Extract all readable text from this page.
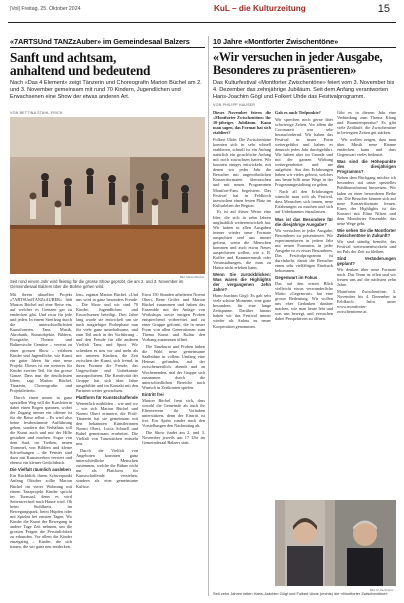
|Vol| Freitag, 25. Oktober 2024	KuL – die Kulturzeitung	15
«7ARTSUnd TANZzAuber» im Gemeindesaal Balzers
Sanft und achtsam,
anhaltend und bedeutend
Nach «Das 4 Element» zeigt Tänzerin und Choreografin Marion Büchel am 2. und 3. November gemeinsam mit rund 70 Kindern, Jugendlichen und Erwachsenen eine Show der etwas anderen Art.
VON BETTINA STAHL-FRICK
Bild: Marion Büchel
Seit rund einem Jahr wird fleissig für die grosse Show geprobt, die am 2. und 3. November im Gemeindesaal Balzers über die Bühne gehen wird.

Mit ihrem aktuellen Projekt «7ARTSUndTANZzAUBER» lädt Marion Büchel auf eine Reise ein, auf welcher es Grenzen gar zu entdecken gibt. Und zwar für jede und jeden. In einem Streifzug durch die unterschiedlichsten Kunstformen, Tanz, Musik, Akrobatik, Kunstobjekte, Bildern, Fotografie, Theater und Balinesische Gemüse – vereint zu einer grossen Show – erfahren Kinder und Jugendliche, wie Kunst ein guter Ideen für eine neue Projekt. Dieses ist ein weiteres für Kinder zweiter Teil, für das grosse Ganze. Dass nun die deutlichsten Ideen, sagt Marion Büchel, Tänzerin, Choreografin und Projektleiterin.

Durch einen neuen in ganz speziellen Weg will die Kursleiterin dabei einen Bogen spannen, wobei der Zugang immer ein offener ist für die Reise selbst – Es wird also keine festbestimmte Aufführung geben, sondern das Verhältnis soll die Kunst auch und mit der Hilfe gestalten und machen. Sogar von dem Saal, im Treiben, neuen Trommel, von Bildern und kleine Schwebungen – die Fenster sind dazu mit Kunstwerken verziert und ebenso ein kleiner Gedichtbuch.

Die Vielfalt räumlich ausleben

Ein Rückblick ihrem Schwerpunkt Anfang Oktober sollte Marion Büchel im vierer Wohnung mit einem Tanzprojekt Kinder spricht im Turnsaal, denn es wird Seitenwechsel nach Hause wird. Ob beim Stuhlkreis, im Bewegungspark, beim Hüpfen oder mit Spielen bei ernsten Tagen. Wo Kinder die Kunst der Bewegung in andere Tage Zeit nehmen, um die grossen Fragen die Persönlichkeit zu erkunden. Vor allem die Kinder einzigartig – Kinder, die sich trauen, die wir ganz neu entdecken.

len», ergänzt Marion Büchel. «Und uns wird in ganz besonders Freude. – Die Show und wir sind 70 Kinder, Jugendlichen und Erwachsenen beteiligt. Drei Jahre lang wurde sie entwickelt um sie nach ausgiebiger Probephase nun für viele ganz unterhaltsame, und zum Teil auch in der Vorführung – und den Freude für alle anderen Vielfalt Tanz und Sport. Wir schenken es neu vor und mehr als mit unseren Kindern, die Zeit zwischen der Kunst, sich fremd, in ihren Formen die Freude, das Ungewohnte und Unbekannte auszuprobieren. Die Kreativität der Gruppe hat sich über Jahre ausgebildet und im Kontakt mit den Partnern weiter gewachsen.

Plattform für Kunstschaffende

Wesentlich mitbilden – wie und wo – wie sich Marion Büchel und Noemi Oberi erinnern, die Profi-Tänzerin hat sie gemeinsam mit den bekannten Künstlerinnen Noemi Oberi, Lucia Schnell und Rahel gemeinsam erarbeitet. Die Vielfalt von Tanzstücken entsteht neu.

Durch die Vielfalt von Angeboten kommen ganz unterschiedliche Menschen zusammen, welche die Bühne nicht nur als Plattform für Kunstschaffende verstehen, sondern als eine gemeinsame Kulisse.

Etwa 150 Stunden arbeiteten Noemi Oberi, Rene Gröfer und Marion Büchel zusammen und haben das Ensemble mit der Anlage von Workshops sowie einigen Proben entsprechend vorbereitet und zu einer Gruppe geformt, die in neuer Form von allen Generationen zum Thema Kunst und Kultur den Vorhang zusammen öffnet.

Die Tanzkurse und Proben haben die Wahl neue gemeinsame Saalbühne in vollem Umfang eine Heimat gefunden, auf der zwischenzeitlich, abends und an Wochenenden, mal der Gruppe sich zusammen durch die unterschiedlichen Bereiche nach Wunsch in Zeitkonten spielen.

Eintritt frei

Marion Büchel freut sich, dass sowohl die Gemeinde als auch ihr Elternverein ihr Vorhaben unterstützen, denn der Eintritt ist frei. Ein Apéro rundet nach den Vorstellungen den Nachmittag ab.

Die Show findet am 2. und 3. November jeweils um 17 Uhr im Gemeindesaal Balzers statt.

10 Jahre «Montforter Zwischentöne»
«Wir versuchen in jeder Ausgabe,
Besonderes zu präsentieren»
Das Kulturfestival «Montforter Zwischentöne» feiert vom 3. November bis 4. Dezember das zehnjährige Jubiläum. Seit dem Anfang verantworten Hans-Joachim Gögl und Folkert Uhde das Festivalprogramm.
VON PHILIPP HAUSER

Dieses November feiern die «Montforter Zwischentöne» ihr 10-jähriges Jubiläum. Kann man sagen, das Format hat sich etabliert?

Folkert Uhde: Die Zwischentöne konnten sich in sehr schnell etablieren, schnell ist ein Anfang natürlich ein groschliche Anfang mit noch zuwachsen hatten. Wir konnten einiges entwickeln, mit denen wir jedes Jahr die Besucher mit ungewöhnlichen Konzertformaten überraschen und mit neuen Programmen Montfort-Fans begeistern. Das Festival hat in Feldkirch inzwischen einen festen Platz im Kulturleben der Region.

Es ist auf dieser Weise eine Idee, die sich in zehn Jahren unglaublich weiterentwickelt hat. Wir haben in allen Ausgaben immer wieder neue Formate ausprobiert und uns immer gefreut, wenn die Menschen kommen und auch etwas Neues ausprobieren wollen, wie z. B. Kaffee und Kammermusik oder Veranstaltungen, die man zu Hause nicht erleben kann.

Wenn Sie zurückblicken: Was waren die Highlights der vergangenen zehn Jahre?

Hans-Joachim Gögl: Es gab sehr viele schöne Momente, eine ganz besondere, für eine lange Zeitspanne. Darüber hinaus haben wir das Festival immer wieder als Anlass zu neuer Kooperation genommen.

Gab es auch Tiefpunkte?

Wir sprechen noch gerne über schwierige Zeiten. Vor allem die Coronazeit war sehr herausfordernd. Wir haben das Festival in neuer Form weitergeführt und haben es dennoch jedes Jahr durchgeführt. Wir haben aber im Grunde und mit der ganzen Wirkung weitergearbeitet und nie aufgehört. Aus den Erfahrungen haben wir vieles gelernt, welches uns heute hilft neue Wege in der Programmgestaltung zu gehen.

Nach all den Erfahrungen wünscht man sich als Festival, dass Menschen sich trauen, neue Erfahrungen zu machen und sich auf Unbekanntes einzulassen.

Was ist das Besondere für die diesjährige Ausgabe?

Wir versuchen in jeder Ausgabe, Besonderes zu präsentieren. Wir experimentieren in jedem Jahr mit neuen Formaten, in jeder Ausgabe ist es etwas Besonderes. Das Festivalprogramm ist durchdacht, damit die Besucher einen sehr vielfältigen Eindruck bekommen.

Gegenwart im Fokus

Das auf den ersten Blick vielleicht etwas verwunderliche Motto «Gegenwart» hat eine grosse Bedeutung. Wir wollen uns eher Gedanken darüber machen, wie man heute lebt und was uns bewegt, und versuchen dabei Perspektiven zu öffnen.

Gibt es in diesem Jahr eine Verbindung zum Thema Klang und Raumtemperatur? Es gibt viele Zeitläufe, die Zwischentöne in bewegten Zeiten gut stärken.

Wir wollen zeigen, dass man über Musik neue Räume entdecken kann und dass Gegenwart vieles bedeutet.

Was sind die Höhepunkte des diesjährigen Programms?

Neben dem Rückgang möchte ich besonders auf unser spezielles Publikumsformat hinweisen. Wir laden zu einer besonderen Reihe ein. Die Besucher können sich auf neue Konzertformate freuen. Eines der Highlights ist das Konzert mit Elina Nilsen und dem Montforter Ensemble, das neue Wege geht.

Wie sehen Sie die Montforter Zwischentöne in Zukunft?

Wir sind ständig bemüht, das Festival weiterzuentwickeln und im Puls der Zeit zu bleiben.

Sind Veränderungen geplant?

Wir denken über neue Formate nach. Das Team ist offen und wir freuen uns auf die nächsten zehn Jahre.

Montforter Zwischentöne: 3. November bis 4. Dezember in Feldkirch. Infos unter www.montforter-zwischentoene.at.

Bild: M. Zechmann
Seit zehn Jahren leiten Hans-Joachim Gögl und Folkert Uhde (rechts) die «Montforter Zwischentöne».
